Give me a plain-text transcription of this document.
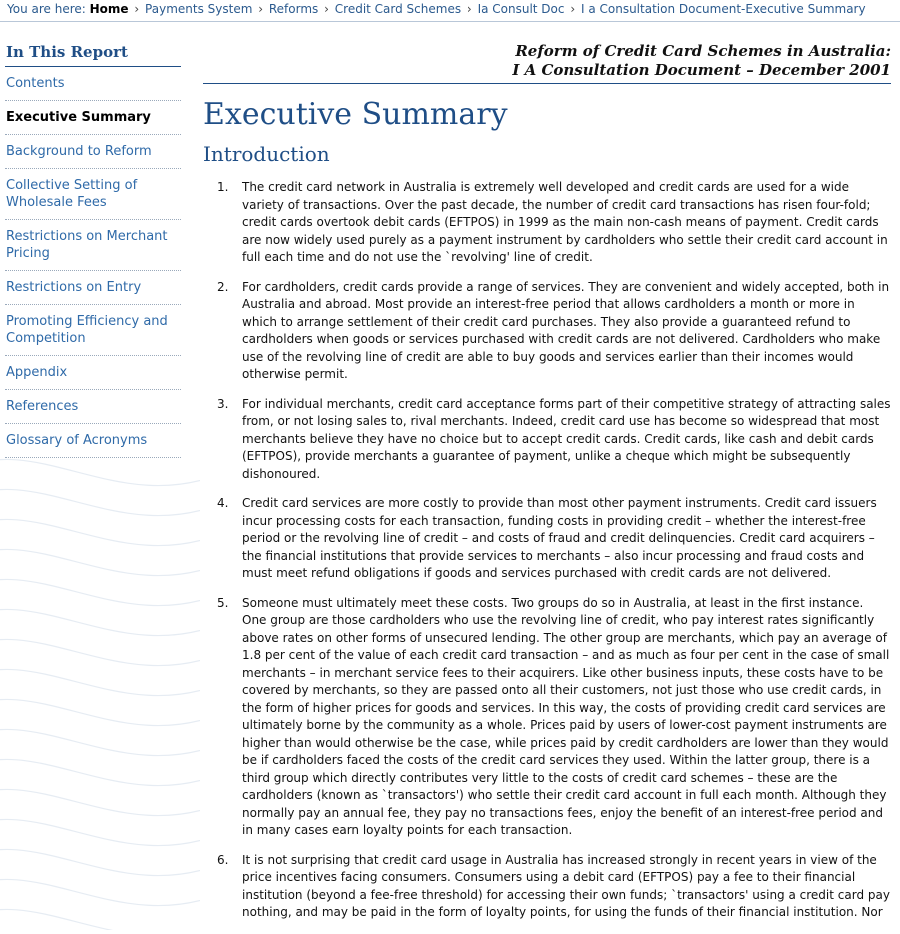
You are here: Home › Payments System › Reforms › Credit Card Schemes › Ia Consult Doc › I a Consultation Document-Executive Summary
In This Report
Contents
Executive Summary
Background to Reform
Collective Setting of Wholesale Fees
Restrictions on Merchant Pricing
Restrictions on Entry
Promoting Efficiency and Competition
Appendix
References
Glossary of Acronyms
Reform of Credit Card Schemes in Australia:
I A Consultation Document – December 2001
Executive Summary
Introduction
1. The credit card network in Australia is extremely well developed and credit cards are used for a wide variety of transactions. Over the past decade, the number of credit card transactions has risen four-fold; credit cards overtook debit cards (EFTPOS) in 1999 as the main non-cash means of payment. Credit cards are now widely used purely as a payment instrument by cardholders who settle their credit card account in full each time and do not use the `revolving' line of credit.
2. For cardholders, credit cards provide a range of services. They are convenient and widely accepted, both in Australia and abroad. Most provide an interest-free period that allows cardholders a month or more in which to arrange settlement of their credit card purchases. They also provide a guaranteed refund to cardholders when goods or services purchased with credit cards are not delivered. Cardholders who make use of the revolving line of credit are able to buy goods and services earlier than their incomes would otherwise permit.
3. For individual merchants, credit card acceptance forms part of their competitive strategy of attracting sales from, or not losing sales to, rival merchants. Indeed, credit card use has become so widespread that most merchants believe they have no choice but to accept credit cards. Credit cards, like cash and debit cards (EFTPOS), provide merchants a guarantee of payment, unlike a cheque which might be subsequently dishonoured.
4. Credit card services are more costly to provide than most other payment instruments. Credit card issuers incur processing costs for each transaction, funding costs in providing credit – whether the interest-free period or the revolving line of credit – and costs of fraud and credit delinquencies. Credit card acquirers – the financial institutions that provide services to merchants – also incur processing and fraud costs and must meet refund obligations if goods and services purchased with credit cards are not delivered.
5. Someone must ultimately meet these costs. Two groups do so in Australia, at least in the first instance. One group are those cardholders who use the revolving line of credit, who pay interest rates significantly above rates on other forms of unsecured lending. The other group are merchants, which pay an average of 1.8 per cent of the value of each credit card transaction – and as much as four per cent in the case of small merchants – in merchant service fees to their acquirers. Like other business inputs, these costs have to be covered by merchants, so they are passed onto all their customers, not just those who use credit cards, in the form of higher prices for goods and services. In this way, the costs of providing credit card services are ultimately borne by the community as a whole. Prices paid by users of lower-cost payment instruments are higher than would otherwise be the case, while prices paid by credit cardholders are lower than they would be if cardholders faced the costs of the credit card services they used. Within the latter group, there is a third group which directly contributes very little to the costs of credit card schemes – these are the cardholders (known as `transactors') who settle their credit card account in full each month. Although they normally pay an annual fee, they pay no transactions fees, enjoy the benefit of an interest-free period and in many cases earn loyalty points for each transaction.
6. It is not surprising that credit card usage in Australia has increased strongly in recent years in view of the price incentives facing consumers. Consumers using a debit card (EFTPOS) pay a fee to their financial institution (beyond a fee-free threshold) for accessing their own funds; `transactors' using a credit card pay nothing, and may be paid in the form of loyalty points, for using the funds of their financial institution. Nor
